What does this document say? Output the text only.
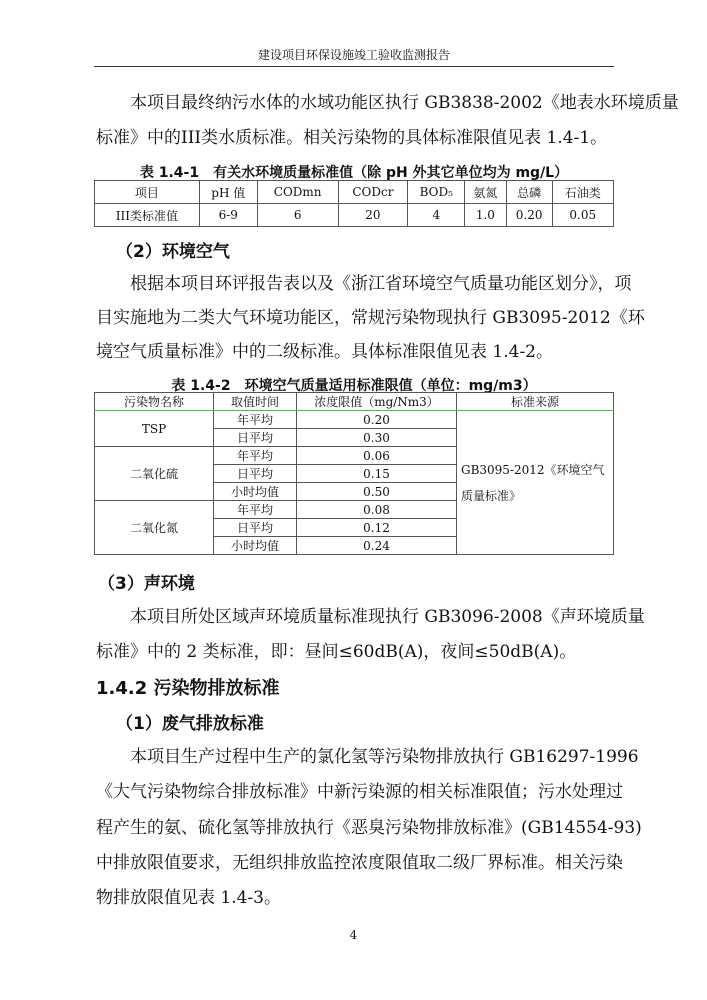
建设项目环保设施竣工验收监测报告
本项目最终纳污水体的水域功能区执行 GB3838-2002《地表水环境质量
标准》中的III类水质标准。相关污染物的具体标准限值见表 1.4-1。
表 1.4-1　有关水环境质量标准值（除 pH 外其它单位均为 mg/L）
项目	pH 值	CODmn	CODcr	BOD₅	氨氮	总磷	石油类
III类标准值	6-9	6	20	4	1.0	0.20	0.05
（2）环境空气
根据本项目环评报告表以及《浙江省环境空气质量功能区划分》，项
目实施地为二类大气环境功能区，常规污染物现执行 GB3095-2012《环
境空气质量标准》中的二级标准。具体标准限值见表 1.4-2。
表 1.4-2　环境空气质量适用标准限值（单位：mg/m3）
污染物名称	取值时间	浓度限值（mg/Nm3）	标准来源
TSP	年平均	0.20	GB3095-2012《环境空气质量标准》
	日平均	0.30	
二氧化硫	年平均	0.06	
	日平均	0.15	
	小时均值	0.50	
二氧化氮	年平均	0.08	
	日平均	0.12	
	小时均值	0.24	
（3）声环境
本项目所处区域声环境质量标准现执行 GB3096-2008《声环境质量
标准》中的 2 类标准，即：昼间≤60dB(A)，夜间≤50dB(A)。
1.4.2 污染物排放标准
（1）废气排放标准
本项目生产过程中生产的氯化氢等污染物排放执行 GB16297-1996
《大气污染物综合排放标准》中新污染源的相关标准限值；污水处理过
程产生的氨、硫化氢等排放执行《恶臭污染物排放标准》(GB14554-93)
中排放限值要求，无组织排放监控浓度限值取二级厂界标准。相关污染
物排放限值见表 1.4-3。
4
